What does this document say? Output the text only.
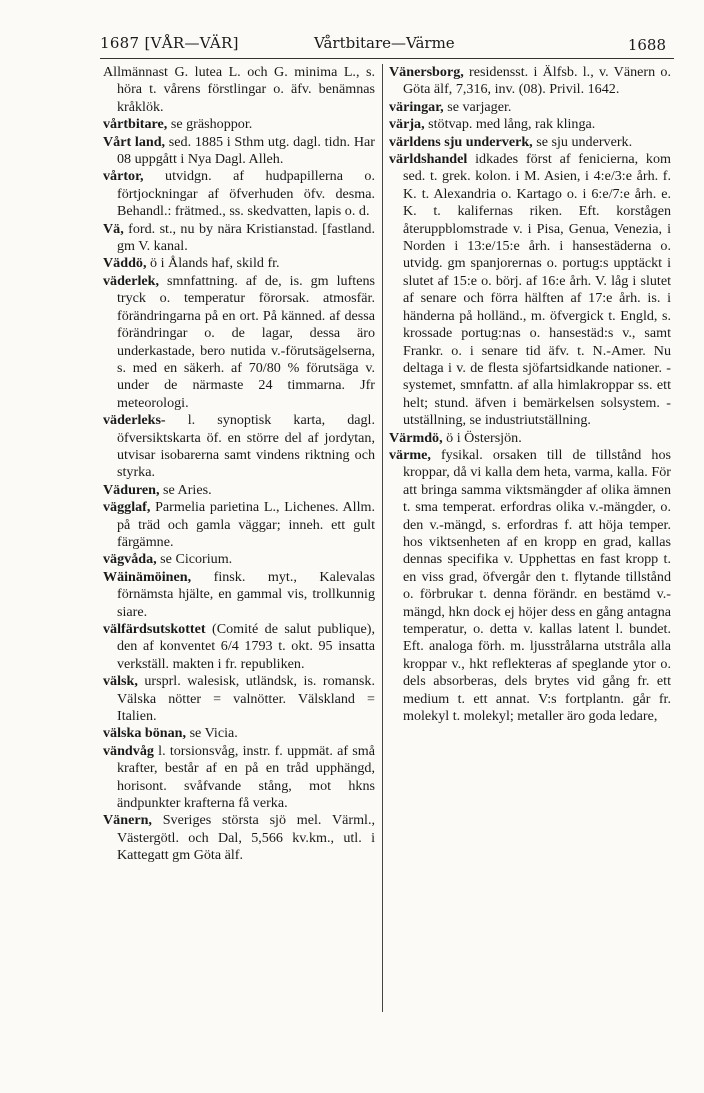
1687 [VÅR—VÄR]	Vårtbitare—Värme	1688

Allmännast G. lutea L. och G. minima L., s. höra t. vårens förstlingar o. äfv. benämnas kråklök.

vårtbitare, se gräshoppor.

Vårt land, sed. 1885 i Sthm utg. dagl. tidn. Har 08 uppgått i Nya Dagl. Alleh.

vårtor, utvidgn. af hudpapillerna o. förtjockningar af öfverhuden öfv. desma. Behandl.: frätmed., ss. skedvatten, lapis o. d.

Vä, ford. st., nu by nära Kristianstad. [fastland. gm V. kanal.

Väddö, ö i Ålands haf, skild fr.

väderlek, smnfattning. af de, is. gm luftens tryck o. temperatur förorsak. atmosfär. förändringarna på en ort. På känned. af dessa förändringar o. de lagar, dessa äro underkastade, bero nutida v.-förutsägelserna, s. med en säkerh. af 70/80 % förutsäga v. under de närmaste 24 timmarna. Jfr meteorologi.

väderleks- l. synoptisk karta, dagl. öfversiktskarta öf. en större del af jordytan, utvisar isobarerna samt vindens riktning och styrka.

Väduren, se Aries.

vägglaf, Parmelia parietina L., Lichenes. Allm. på träd och gamla väggar; inneh. ett gult färgämne.

vägvåda, se Cicorium.

Wäinämöinen, finsk. myt., Kalevalas förnämsta hjälte, en gammal vis, trollkunnig siare.

välfärdsutskottet (Comité de salut publique), den af konventet 6/4 1793 t. okt. 95 insatta verkställ. makten i fr. republiken.

välsk, ursprl. walesisk, utländsk, is. romansk. Välska nötter = valnötter. Välskland = Italien.

välska bönan, se Vicia.

vändvåg l. torsionsvåg, instr. f. uppmät. af små krafter, består af en på en tråd upphängd, horisont. svåfvande stång, mot hkns ändpunkter krafterna få verka.

Vänern, Sveriges största sjö mel. Värml., Västergötl. och Dal, 5,566 kv.km., utl. i Kattegatt gm Göta älf.

Vänersborg, residensst. i Älfsb. l., v. Vänern o. Göta älf, 7,316, inv. (08). Privil. 1642.

väringar, se varjager.

värja, stötvap. med lång, rak klinga.

världens sju underverk, se sju underverk.

världshandel idkades först af fenicierna, kom sed. t. grek. kolon. i M. Asien, i 4:e/3:e årh. f. K. t. Alexandria o. Kartago o. i 6:e/7:e årh. e. K. t. kalifernas riken. Eft. korstågen återuppblomstrade v. i Pisa, Genua, Venezia, i Norden i 13:e/15:e årh. i hansestäderna o. utvidg. gm spanjorernas o. portug:s upptäckt i slutet af 15:e o. börj. af 16:e årh. V. låg i slutet af senare och förra hälften af 17:e årh. is. i händerna på holländ., m. öfvergick t. Engld, s. krossade portug:nas o. hansestäd:s v., samt Frankr. o. i senare tid äfv. t. N.-Amer. Nu deltaga i v. de flesta sjöfartsidkande nationer. -systemet, smnfattn. af alla himlakroppar ss. ett helt; stund. äfven i bemärkelsen solsystem. -utställning, se industriutställning.

Värmdö, ö i Östersjön.

värme, fysikal. orsaken till de tillstånd hos kroppar, då vi kalla dem heta, varma, kalla. För att bringa samma viktsmängder af olika ämnen t. sma temperat. erfordras olika v.-mängder, o. den v.-mängd, s. erfordras f. att höja temper. hos viktsenheten af en kropp en grad, kallas dennas specifika v. Upphettas en fast kropp t. en viss grad, öfvergår den t. flytande tillstånd o. förbrukar t. denna förändr. en bestämd v.-mängd, hkn dock ej höjer dess en gång antagna temperatur, o. detta v. kallas latent l. bundet. Eft. analoga förh. m. ljusstrålarna utstråla alla kroppar v., hkt reflekteras af speglande ytor o. dels absorberas, dels brytes vid gång fr. ett medium t. ett annat. V:s fortplantn. går fr. molekyl t. molekyl; metaller äro goda ledare,
